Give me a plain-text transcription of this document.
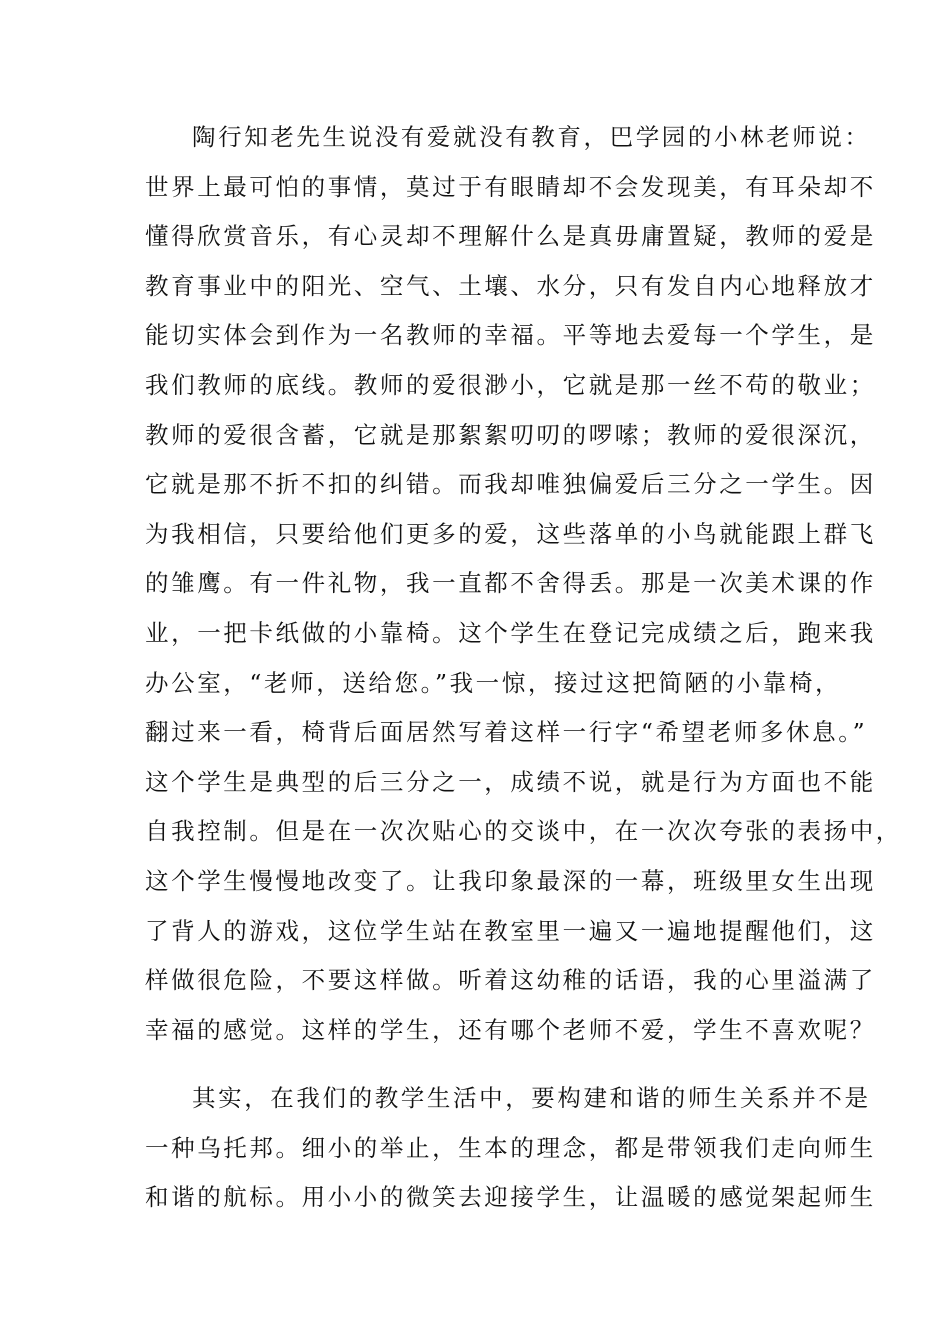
陶行知老先生说没有爱就没有教育，巴学园的小林老师说：
世界上最可怕的事情，莫过于有眼睛却不会发现美，有耳朵却不
懂得欣赏音乐，有心灵却不理解什么是真毋庸置疑，教师的爱是
教育事业中的阳光、空气、土壤、水分，只有发自内心地释放才
能切实体会到作为一名教师的幸福。平等地去爱每一个学生，是
我们教师的底线。教师的爱很渺小，它就是那一丝不苟的敬业；
教师的爱很含蓄，它就是那絮絮叨叨的啰嗦；教师的爱很深沉，
它就是那不折不扣的纠错。而我却唯独偏爱后三分之一学生。因
为我相信，只要给他们更多的爱，这些落单的小鸟就能跟上群飞
的雏鹰。有一件礼物，我一直都不舍得丢。那是一次美术课的作
业，一把卡纸做的小靠椅。这个学生在登记完成绩之后，跑来我
办公室，“老师，送给您。”我一惊，接过这把简陋的小靠椅，
翻过来一看，椅背后面居然写着这样一行字“希望老师多休息。”
这个学生是典型的后三分之一，成绩不说，就是行为方面也不能
自我控制。但是在一次次贴心的交谈中，在一次次夸张的表扬中，
这个学生慢慢地改变了。让我印象最深的一幕，班级里女生出现
了背人的游戏，这位学生站在教室里一遍又一遍地提醒他们，这
样做很危险，不要这样做。听着这幼稚的话语，我的心里溢满了
幸福的感觉。这样的学生，还有哪个老师不爱，学生不喜欢呢？

其实，在我们的教学生活中，要构建和谐的师生关系并不是
一种乌托邦。细小的举止，生本的理念，都是带领我们走向师生
和谐的航标。用小小的微笑去迎接学生，让温暖的感觉架起师生
